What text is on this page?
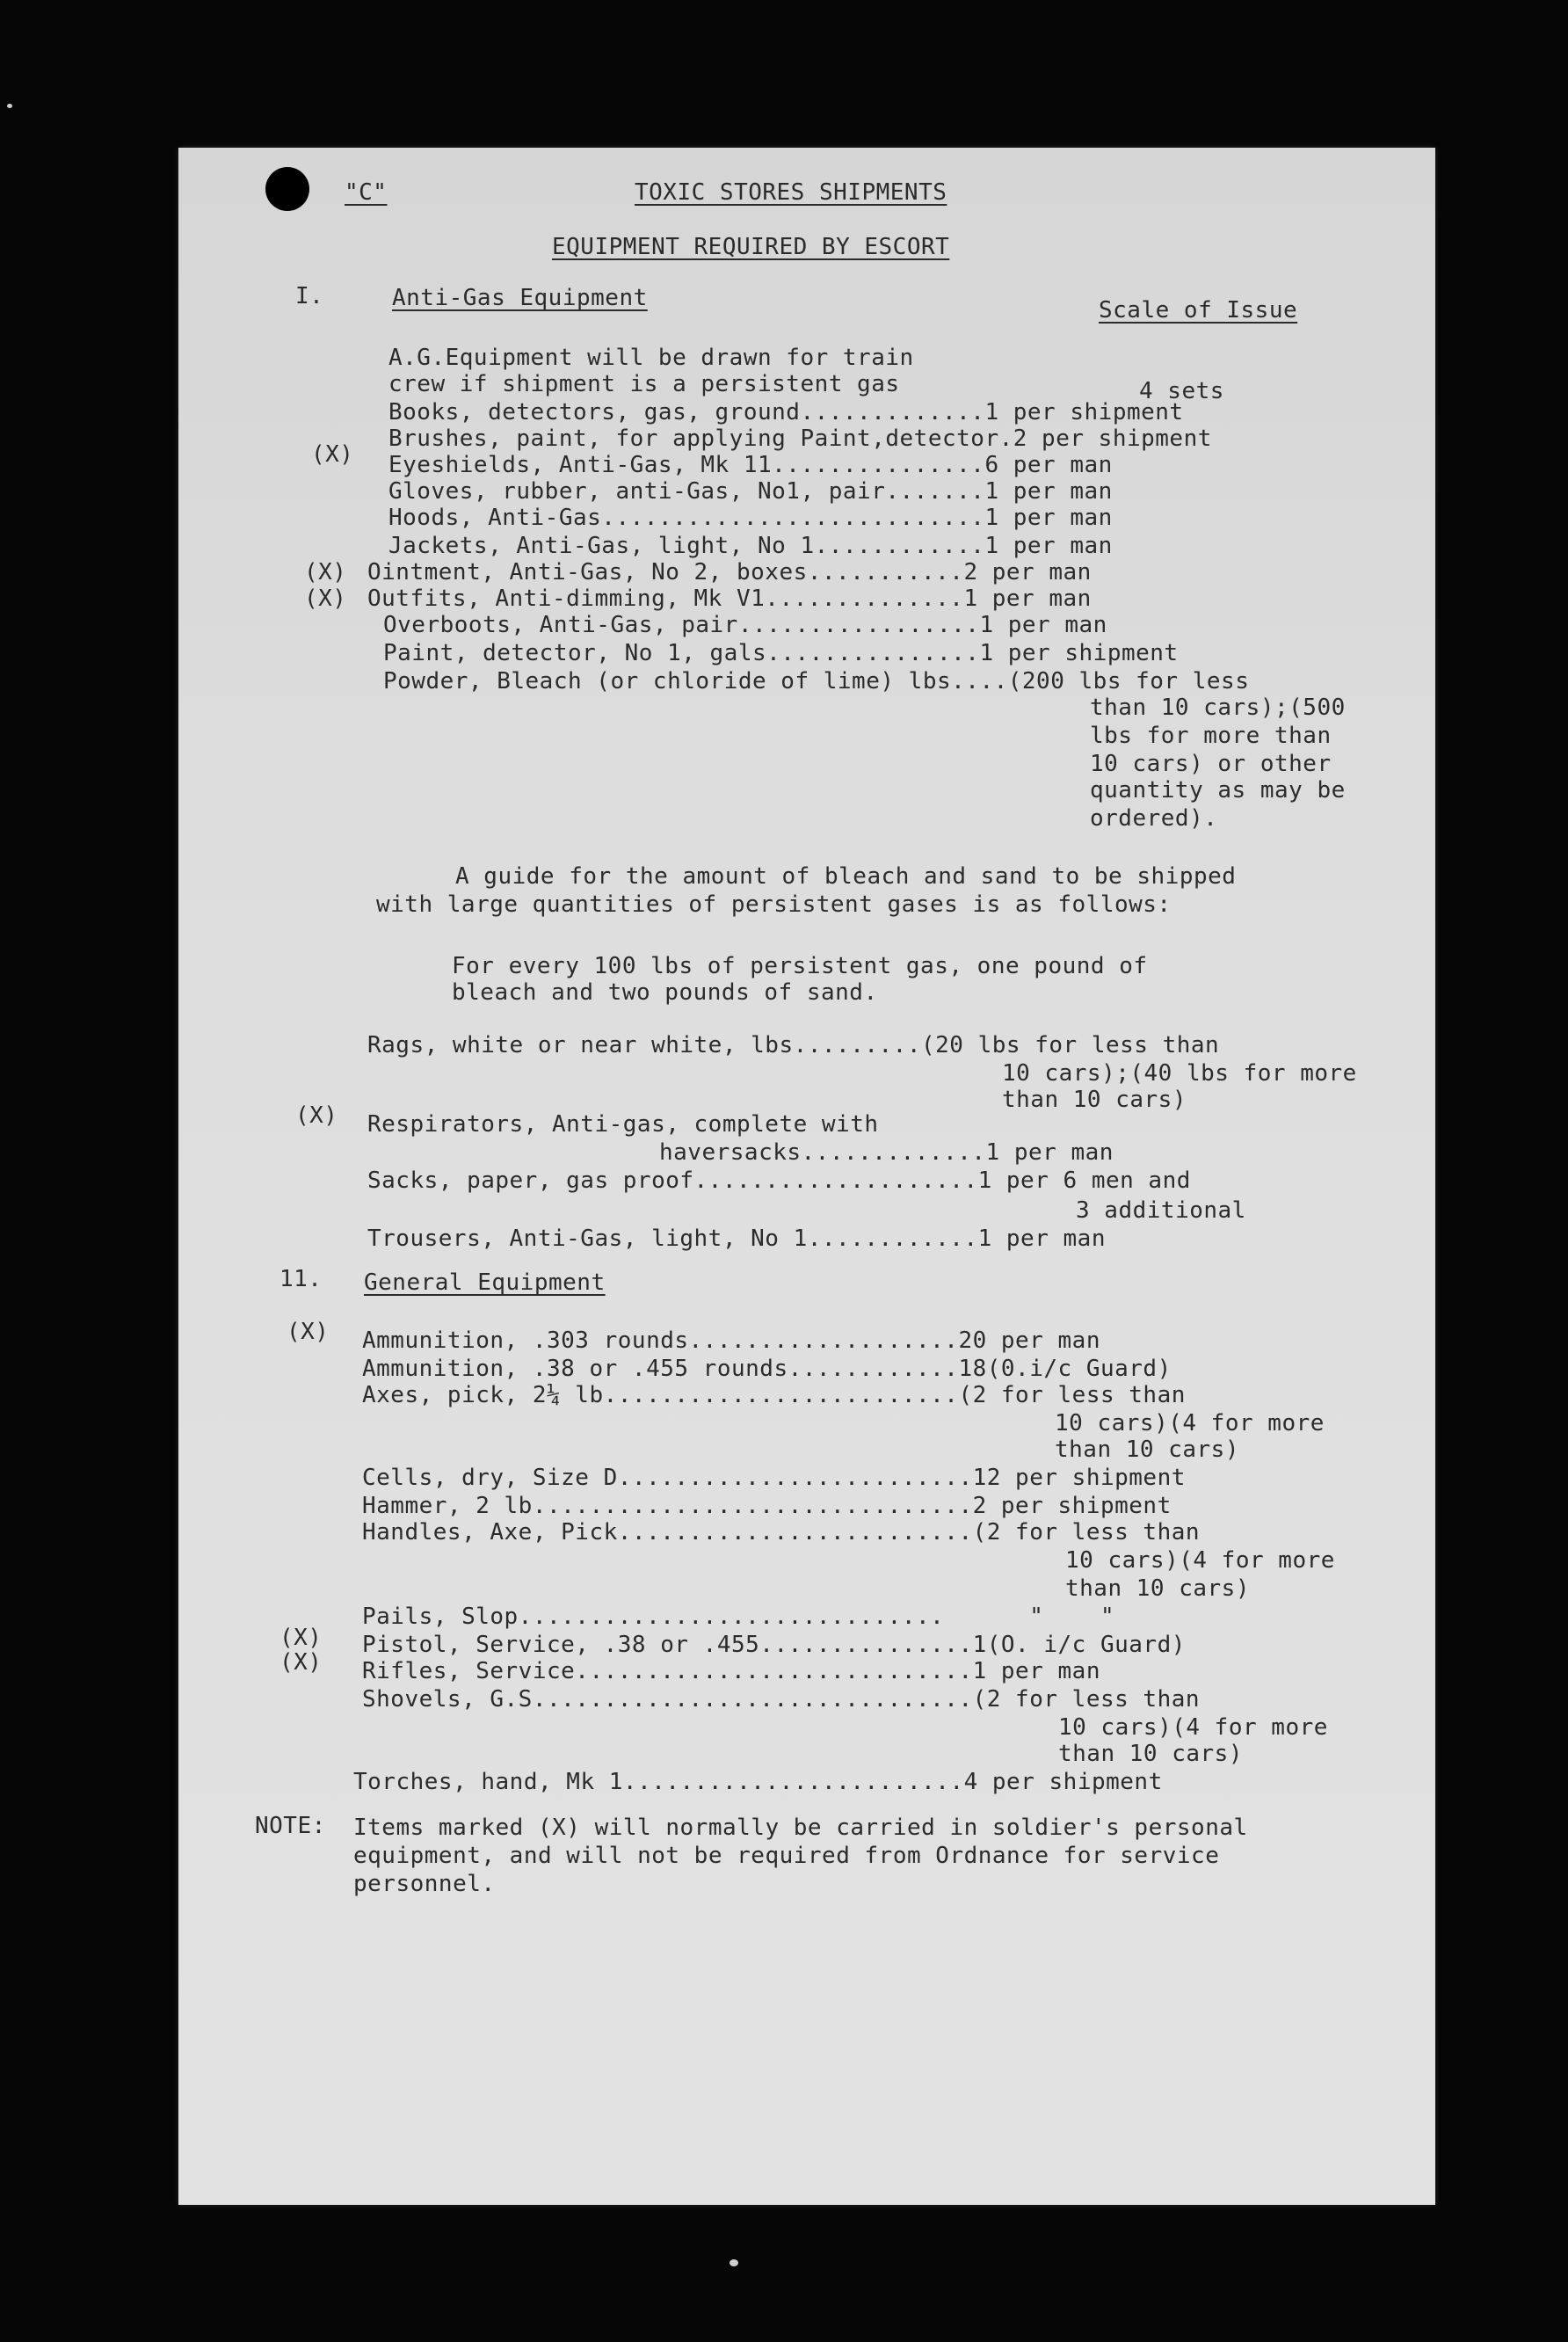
"C"	TOXIC STORES SHIPMENTS
EQUIPMENT REQUIRED BY ESCORT
I.	Anti-Gas Equipment	Scale of Issue
A.G.Equipment will be drawn for train
crew if shipment is a persistent gas	4 sets
Books, detectors, gas, ground.............1 per shipment
Brushes, paint, for applying Paint,detector.2 per shipment
(X) Eyeshields, Anti-Gas, Mk 11...............6 per man
Gloves, rubber, anti-Gas, No1, pair.......1 per man
Hoods, Anti-Gas...........................1 per man
Jackets, Anti-Gas, light, No 1............1 per man
(X) Ointment, Anti-Gas, No 2, boxes...........2 per man
(X) Outfits, Anti-dimming, Mk V1..............1 per man
Overboots, Anti-Gas, pair.................1 per man
Paint, detector, No 1, gals...............1 per shipment
Powder, Bleach (or chloride of lime) lbs....(200 lbs for less
than 10 cars);(500
lbs for more than
10 cars) or other
quantity as may be
ordered).
A guide for the amount of bleach and sand to be shipped
with large quantities of persistent gases is as follows:
For every 100 lbs of persistent gas, one pound of
bleach and two pounds of sand.
Rags, white or near white, lbs.........(20 lbs for less than
10 cars);(40 lbs for more
than 10 cars)
(X) Respirators, Anti-gas, complete with
haversacks.............1 per man
Sacks, paper, gas proof....................1 per 6 men and
3 additional
Trousers, Anti-Gas, light, No 1............1 per man
11. General Equipment
(X) Ammunition, .303 rounds...................20 per man
Ammunition, .38 or .455 rounds............18(0.i/c Guard)
Axes, pick, 2¼ lb.........................(2 for less than
10 cars)(4 for more
than 10 cars)
Cells, dry, Size D.........................12 per shipment
Hammer, 2 lb...............................2 per shipment
Handles, Axe, Pick.........................(2 for less than
10 cars)(4 for more
than 10 cars)
Pails, Slop..............................      "    "
(X) Pistol, Service, .38 or .455...............1(O. i/c Guard)
(X) Rifles, Service............................1 per man
Shovels, G.S...............................(2 for less than
10 cars)(4 for more
than 10 cars)
Torches, hand, Mk 1........................4 per shipment
NOTE: Items marked (X) will normally be carried in soldier's personal
equipment, and will not be required from Ordnance for service
personnel.
